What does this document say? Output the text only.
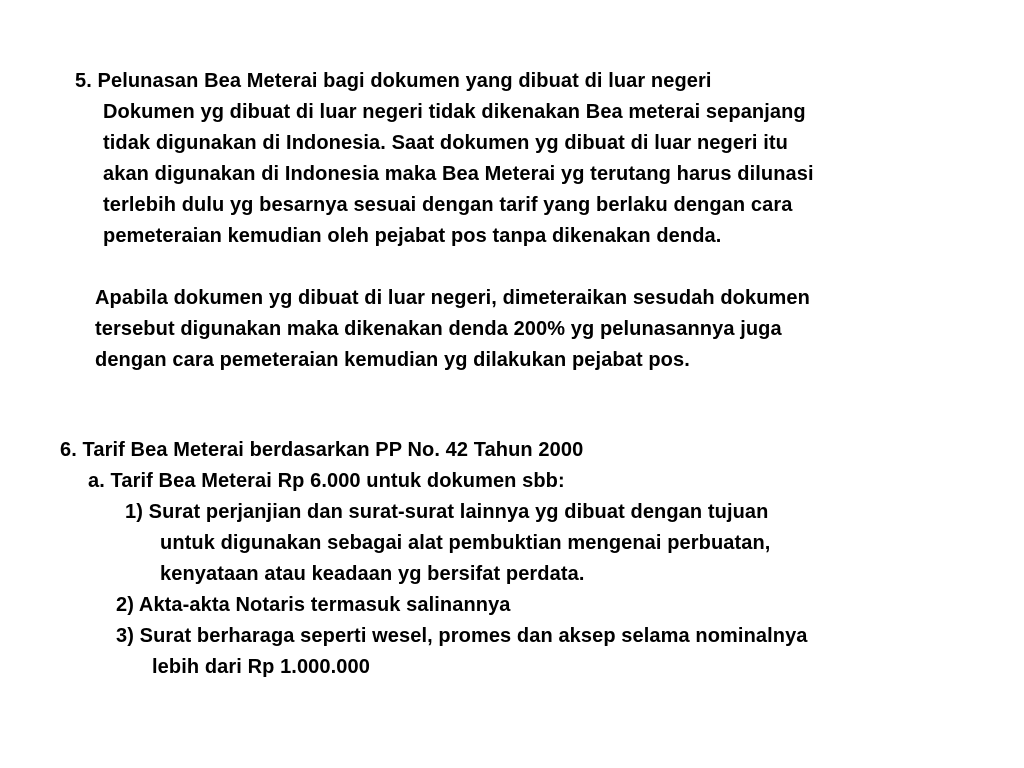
5. Pelunasan Bea Meterai bagi dokumen yang dibuat di luar negeri
Dokumen yg dibuat di luar negeri tidak dikenakan Bea meterai sepanjang
tidak digunakan di Indonesia. Saat dokumen yg dibuat di luar negeri itu
akan digunakan di Indonesia maka Bea Meterai yg terutang harus dilunasi
terlebih dulu yg besarnya sesuai dengan tarif yang berlaku dengan cara
pemeteraian kemudian oleh pejabat pos tanpa dikenakan denda.
Apabila dokumen yg dibuat di luar negeri, dimeteraikan sesudah dokumen
tersebut digunakan maka dikenakan denda 200% yg pelunasannya juga
dengan cara pemeteraian kemudian yg dilakukan pejabat pos.
6. Tarif Bea Meterai berdasarkan PP No. 42 Tahun 2000
a. Tarif Bea Meterai Rp 6.000 untuk dokumen sbb:
1) Surat perjanjian dan surat-surat lainnya yg dibuat dengan tujuan
untuk digunakan sebagai alat pembuktian mengenai perbuatan,
kenyataan atau keadaan yg bersifat perdata.
2) Akta-akta Notaris termasuk salinannya
3) Surat berharaga seperti wesel, promes dan aksep selama nominalnya
lebih dari Rp 1.000.000
